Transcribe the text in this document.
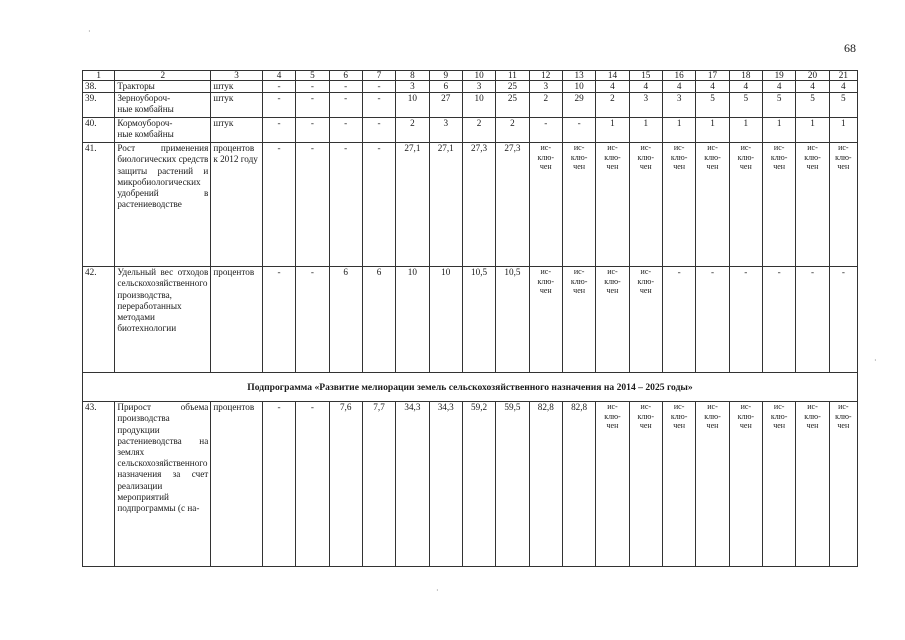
68
·
·
·
1	2	3	4	5	6	7	8	9	10	11	12	13	14	15	16	17	18	19	20	21
38.	Тракторы	штук	-	-	-	-	3	6	3	25	3	10	4	4	4	4	4	4	4	4
39.	Зерноубороч-
ные комбайны	штук	-	-	-	-	10	27	10	25	2	29	2	3	3	5	5	5	5	5
40.	Кормоубороч-
ные комбайны	штук	-	-	-	-	2	3	2	2	-	-	1	1	1	1	1	1	1	1
41.	Рост применения биологических средств защиты растений и микробиологических удобрений в растениеводстве	процентов к 2012 году	-	-	-	-	27,1	27,1	27,3	27,3	ис-
клю-
чен	ис-
клю-
чен	ис-
клю-
чен	ис-
клю-
чен	ис-
клю-
чен	ис-
клю-
чен	ис-
клю-
чен	ис-
клю-
чен	ис-
клю-
чен	ис-
клю-
чен
42.	Удельный вес отходов сельскохозяйственного производства, переработанных методами биотехнологии	процентов	-	-	6	6	10	10	10,5	10,5	ис-
клю-
чен	ис-
клю-
чен	ис-
клю-
чен	ис-
клю-
чен	-	-	-	-	-	-
Подпрограмма «Развитие мелиорации земель сельскохозяйственного назначения на 2014 – 2025 годы»																				
43.	Прирост объема производства продукции растениеводства на землях сельскохозяйственного назначения за счет реализации мероприятий подпрограммы (с на-	процентов	-	-	7,6	7,7	34,3	34,3	59,2	59,5	82,8	82,8	ис-
клю-
чен	ис-
клю-
чен	ис-
клю-
чен	ис-
клю-
чен	ис-
клю-
чен	ис-
клю-
чен	ис-
клю-
чен	ис-
клю-
чен
